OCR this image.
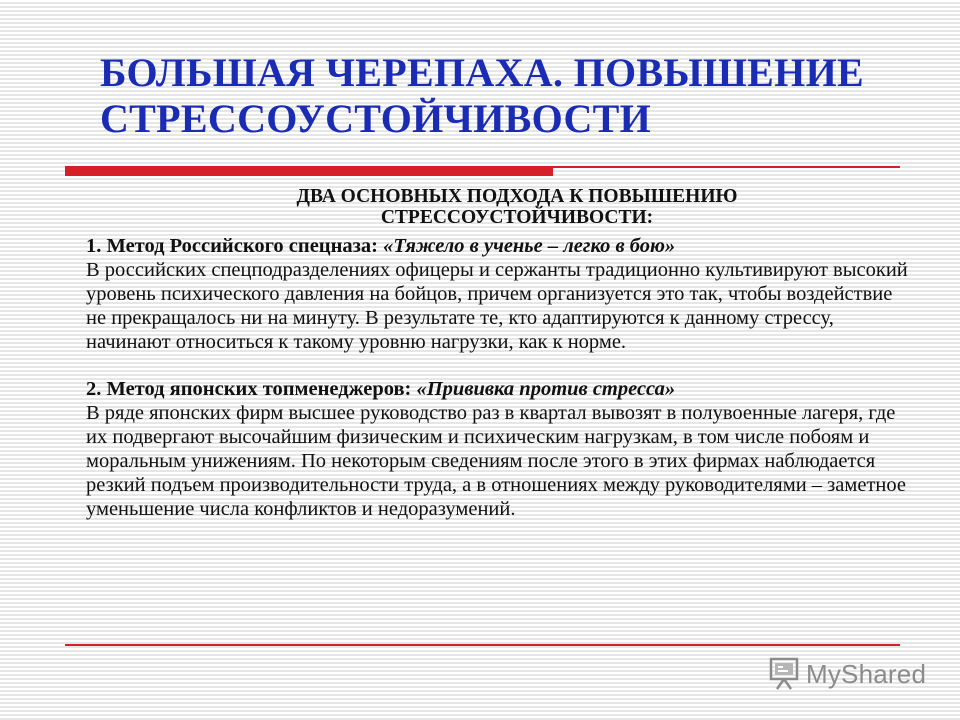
БОЛЬШАЯ ЧЕРЕПАХА. ПОВЫШЕНИЕ
СТРЕССОУСТОЙЧИВОСТИ
ДВА ОСНОВНЫХ ПОДХОДА К ПОВЫШЕНИЮ
СТРЕССОУСТОЙЧИВОСТИ:

1. Метод Российского спецназа: «Тяжело в ученье – легко в бою»
В российских спецподразделениях офицеры и сержанты традиционно культивируют высокий уровень психического давления на бойцов, причем организуется это так, чтобы воздействие не прекращалось ни на минуту. В результате те, кто адаптируются к данному стрессу, начинают относиться к такому уровню нагрузки, как к норме.

2. Метод японских топменеджеров: «Прививка против стресса»
В ряде японских фирм высшее руководство раз в квартал вывозят в полувоенные лагеря, где их подвергают высочайшим физическим и психическим нагрузкам, в том числе побоям и моральным унижениям. По некоторым сведениям после этого в этих фирмах наблюдается резкий подъем производительности труда, а в отношениях между руководителями – заметное уменьшение числа конфликтов и недоразумений.

MyShared
